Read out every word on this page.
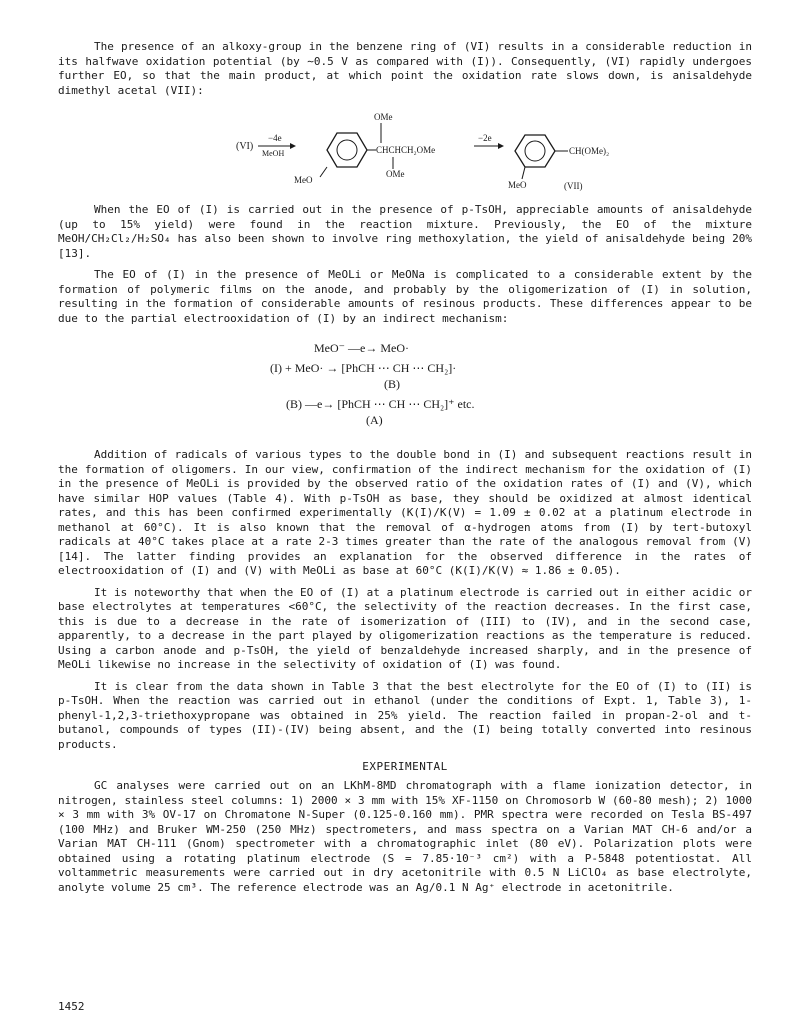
The presence of an alkoxy-group in the benzene ring of (VI) results in a considerable reduction in its halfwave oxidation potential (by ∼0.5 V as compared with (I)). Consequently, (VI) rapidly undergoes further EO, so that the main product, at which point the oxidation rate slows down, is anisaldehyde dimethyl acetal (VII):

(VI)
−4e
MeOH
OMe
CHCHCH₂OMe
OMe
MeO
−2e
CH(OMe)₂
MeO	(VII)

When the EO of (I) is carried out in the presence of p-TsOH, appreciable amounts of anisaldehyde (up to 15% yield) were found in the reaction mixture. Previously, the EO of the mixture MeOH/CH₂Cl₂/H₂SO₄ has also been shown to involve ring methoxylation, the yield of anisaldehyde being 20% [13].

The EO of (I) in the presence of MeOLi or MeONa is complicated to a considerable extent by the formation of polymeric films on the anode, and probably by the oligomerization of (I) in solution, resulting in the formation of considerable amounts of resinous products. These differences appear to be due to the partial electrooxidation of (I) by an indirect mechanism:

MeO⁻ —e→ MeO·
(I) + MeO· → [PhCH ⋯ CH ⋯ CH₂]·
(B)
(B) —e→ [PhCH ⋯ CH ⋯ CH₂]⁺ etc.
(A)

Addition of radicals of various types to the double bond in (I) and subsequent reactions result in the formation of oligomers. In our view, confirmation of the indirect mechanism for the oxidation of (I) in the presence of MeOLi is provided by the observed ratio of the oxidation rates of (I) and (V), which have similar HOP values (Table 4). With p-TsOH as base, they should be oxidized at almost identical rates, and this has been confirmed experimentally (K(I)/K(V) = 1.09 ± 0.02 at a platinum electrode in methanol at 60°C). It is also known that the removal of α-hydrogen atoms from (I) by tert-butoxyl radicals at 40°C takes place at a rate 2-3 times greater than the rate of the analogous removal from (V) [14]. The latter finding provides an explanation for the observed difference in the rates of electrooxidation of (I) and (V) with MeOLi as base at 60°C (K(I)/K(V) ≈ 1.86 ± 0.05).

It is noteworthy that when the EO of (I) at a platinum electrode is carried out in either acidic or base electrolytes at temperatures <60°C, the selectivity of the reaction decreases. In the first case, this is due to a decrease in the rate of isomerization of (III) to (IV), and in the second case, apparently, to a decrease in the part played by oligomerization reactions as the temperature is reduced. Using a carbon anode and p-TsOH, the yield of benzaldehyde increased sharply, and in the presence of MeOLi likewise no increase in the selectivity of oxidation of (I) was found.

It is clear from the data shown in Table 3 that the best electrolyte for the EO of (I) to (II) is p-TsOH. When the reaction was carried out in ethanol (under the conditions of Expt. 1, Table 3), 1-phenyl-1,2,3-triethoxypropane was obtained in 25% yield. The reaction failed in propan-2-ol and t-butanol, compounds of types (II)-(IV) being absent, and the (I) being totally converted into resinous products.

EXPERIMENTAL

GC analyses were carried out on an LKhM-8MD chromatograph with a flame ionization detector, in nitrogen, stainless steel columns: 1) 2000 × 3 mm with 15% XF-1150 on Chromosorb W (60-80 mesh); 2) 1000 × 3 mm with 3% OV-17 on Chromatone N-Super (0.125-0.160 mm). PMR spectra were recorded on Tesla BS-497 (100 MHz) and Bruker WM-250 (250 MHz) spectrometers, and mass spectra on a Varian MAT CH-6 and/or a Varian MAT CH-111 (Gnom) spectrometer with a chromatographic inlet (80 eV). Polarization plots were obtained using a rotating platinum electrode (S = 7.85·10⁻³ cm²) with a P-5848 potentiostat. All voltammetric measurements were carried out in dry acetonitrile with 0.5 N LiClO₄ as base electrolyte, anolyte volume 25 cm³. The reference electrode was an Ag/0.1 N Ag⁺ electrode in acetonitrile.

1452
